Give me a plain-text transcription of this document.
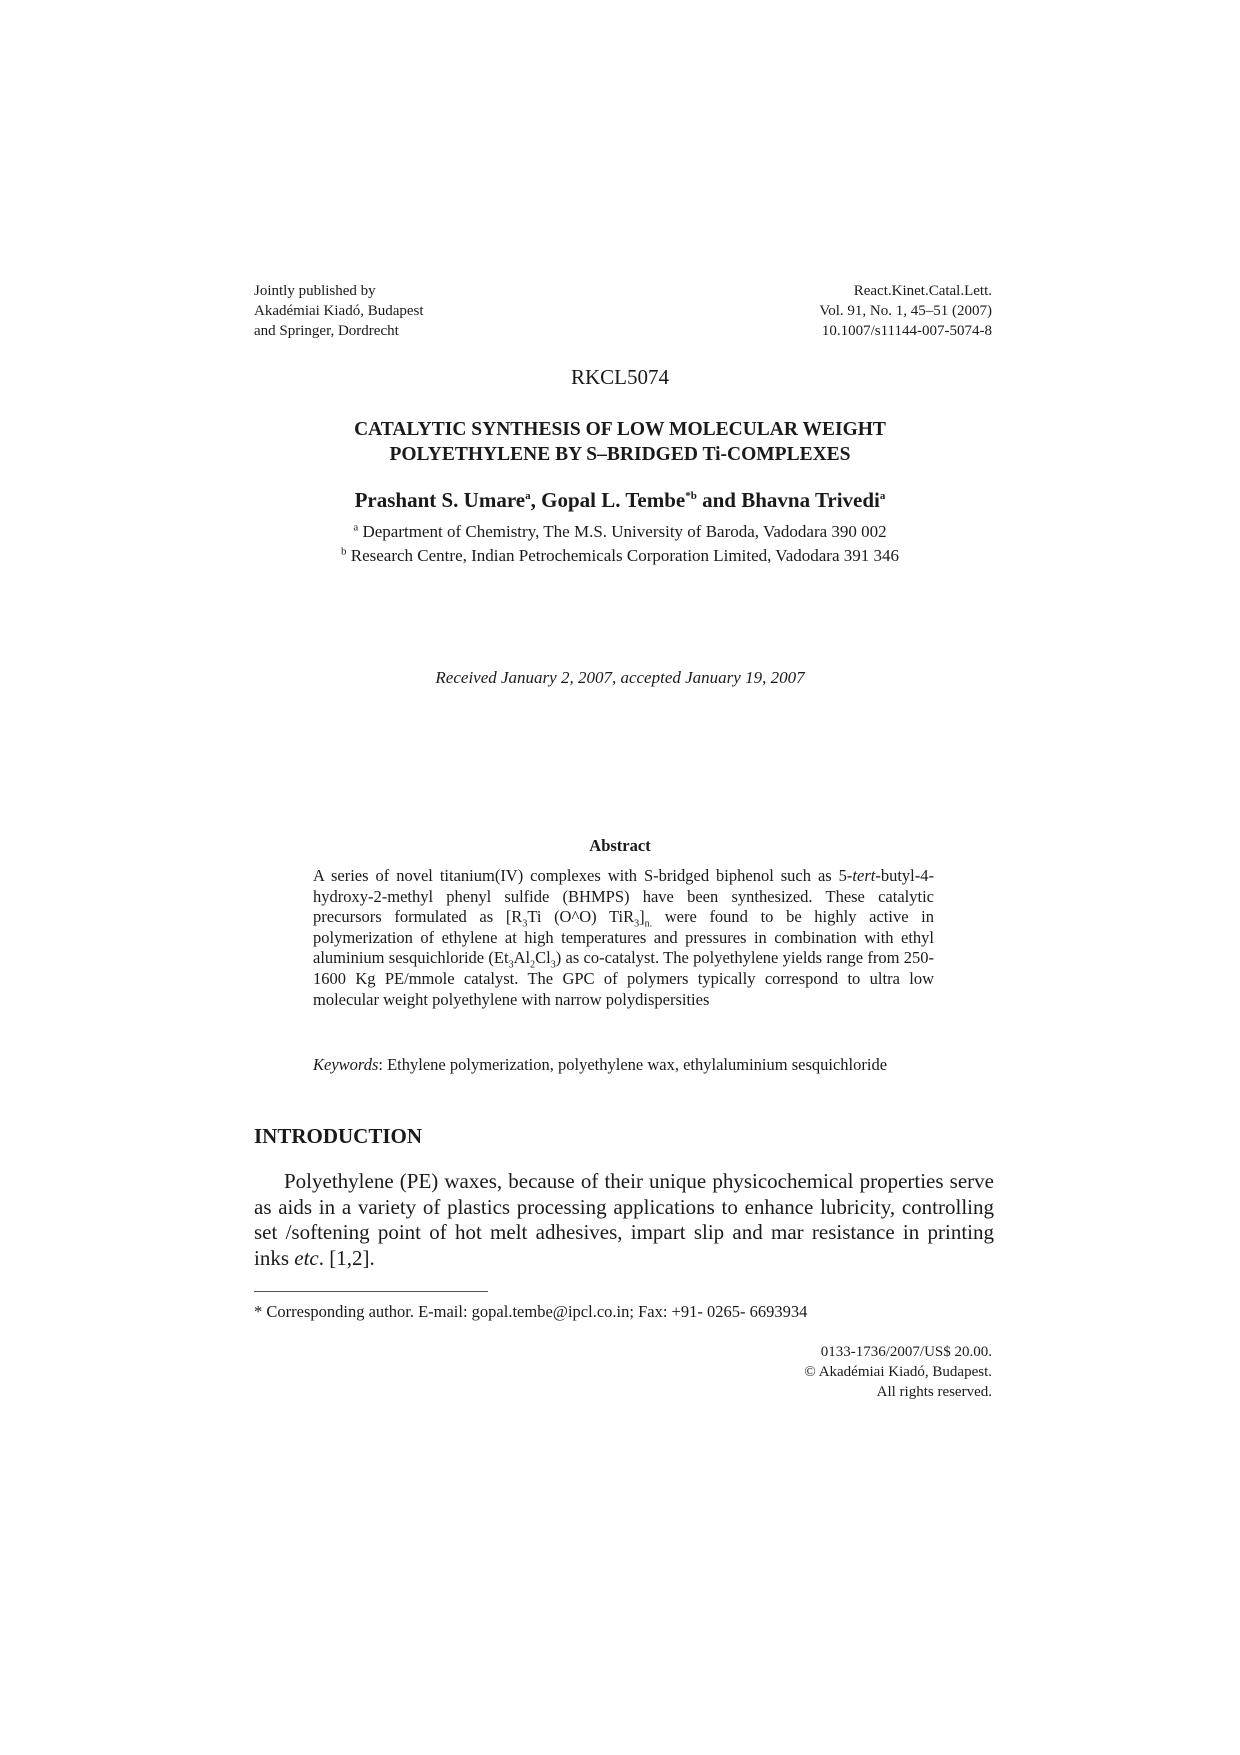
Jointly published by
Akadémiai Kiadó, Budapest
and Springer, Dordrecht
React.Kinet.Catal.Lett.
Vol. 91, No. 1, 45–51 (2007)
10.1007/s11144-007-5074-8
RKCL5074
CATALYTIC SYNTHESIS OF LOW MOLECULAR WEIGHT
POLYETHYLENE BY S–BRIDGED Ti-COMPLEXES
Prashant S. Umare$^a$, Gopal L. Tembe$^{*b}$ and Bhavna Trivedi$^a$
$^a$ Department of Chemistry, The M.S. University of Baroda, Vadodara 390 002
$^b$ Research Centre, Indian Petrochemicals Corporation Limited, Vadodara 391 346
Received January 2, 2007, accepted January 19, 2007
Abstract
A series of novel titanium(IV) complexes with S-bridged biphenol such as 5-tert-butyl-4-hydroxy-2-methyl phenyl sulfide (BHMPS) have been synthesized. These catalytic precursors formulated as [$R_3Ti$ (O^O) $TiR_3]_{n.}$ were found to be highly active in polymerization of ethylene at high temperatures and pressures in combination with ethyl aluminium sesquichloride $(Et_3Al_2Cl_3)$ as co-catalyst. The polyethylene yields range from 250-1600 Kg PE/mmole catalyst. The GPC of polymers typically correspond to ultra low molecular weight polyethylene with narrow polydispersities
Keywords: Ethylene polymerization, polyethylene wax, ethylaluminium sesquichloride
INTRODUCTION
Polyethylene (PE) waxes, because of their unique physicochemical properties serve as aids in a variety of plastics processing applications to enhance lubricity, controlling set /softening point of hot melt adhesives, impart slip and mar resistance in printing inks etc. [1,2].
* Corresponding author. E-mail: gopal.tembe@ipcl.co.in; Fax: +91- 0265- 6693934
0133-1736/2007/US$ 20.00.
© Akadémiai Kiadó, Budapest.
All rights reserved.
